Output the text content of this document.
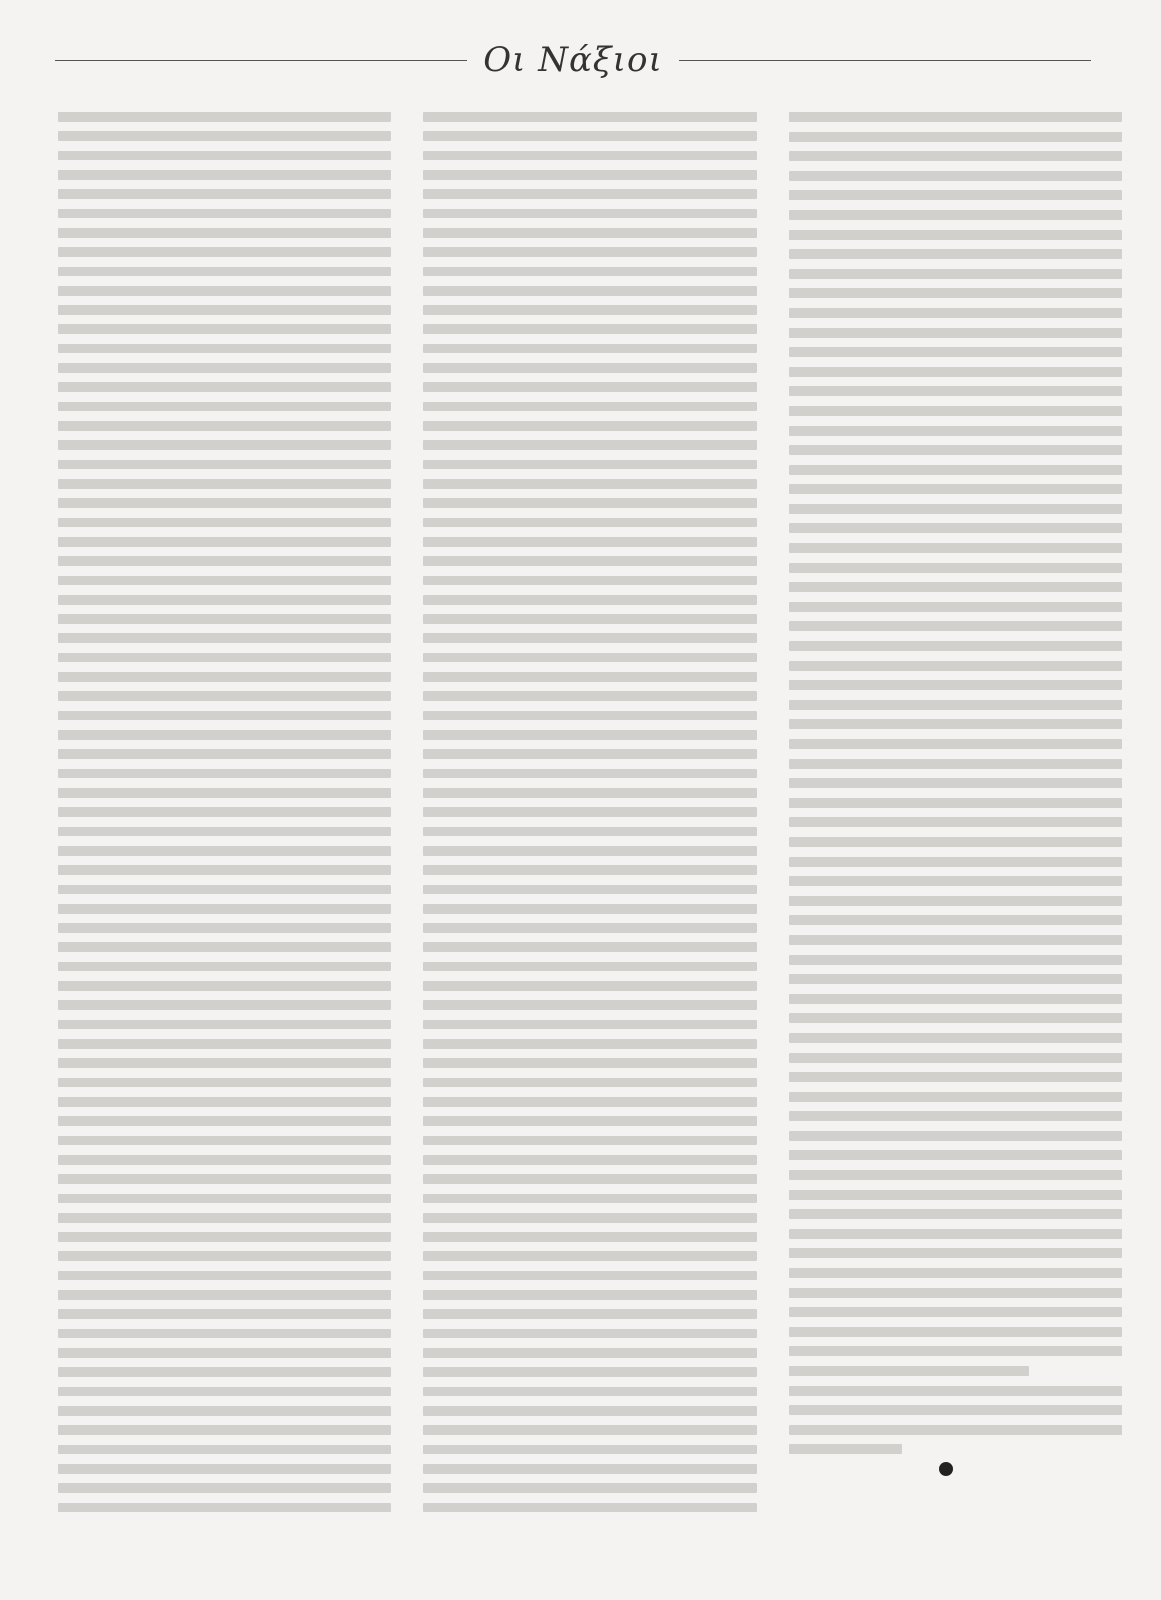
Οι Νάξιοι
